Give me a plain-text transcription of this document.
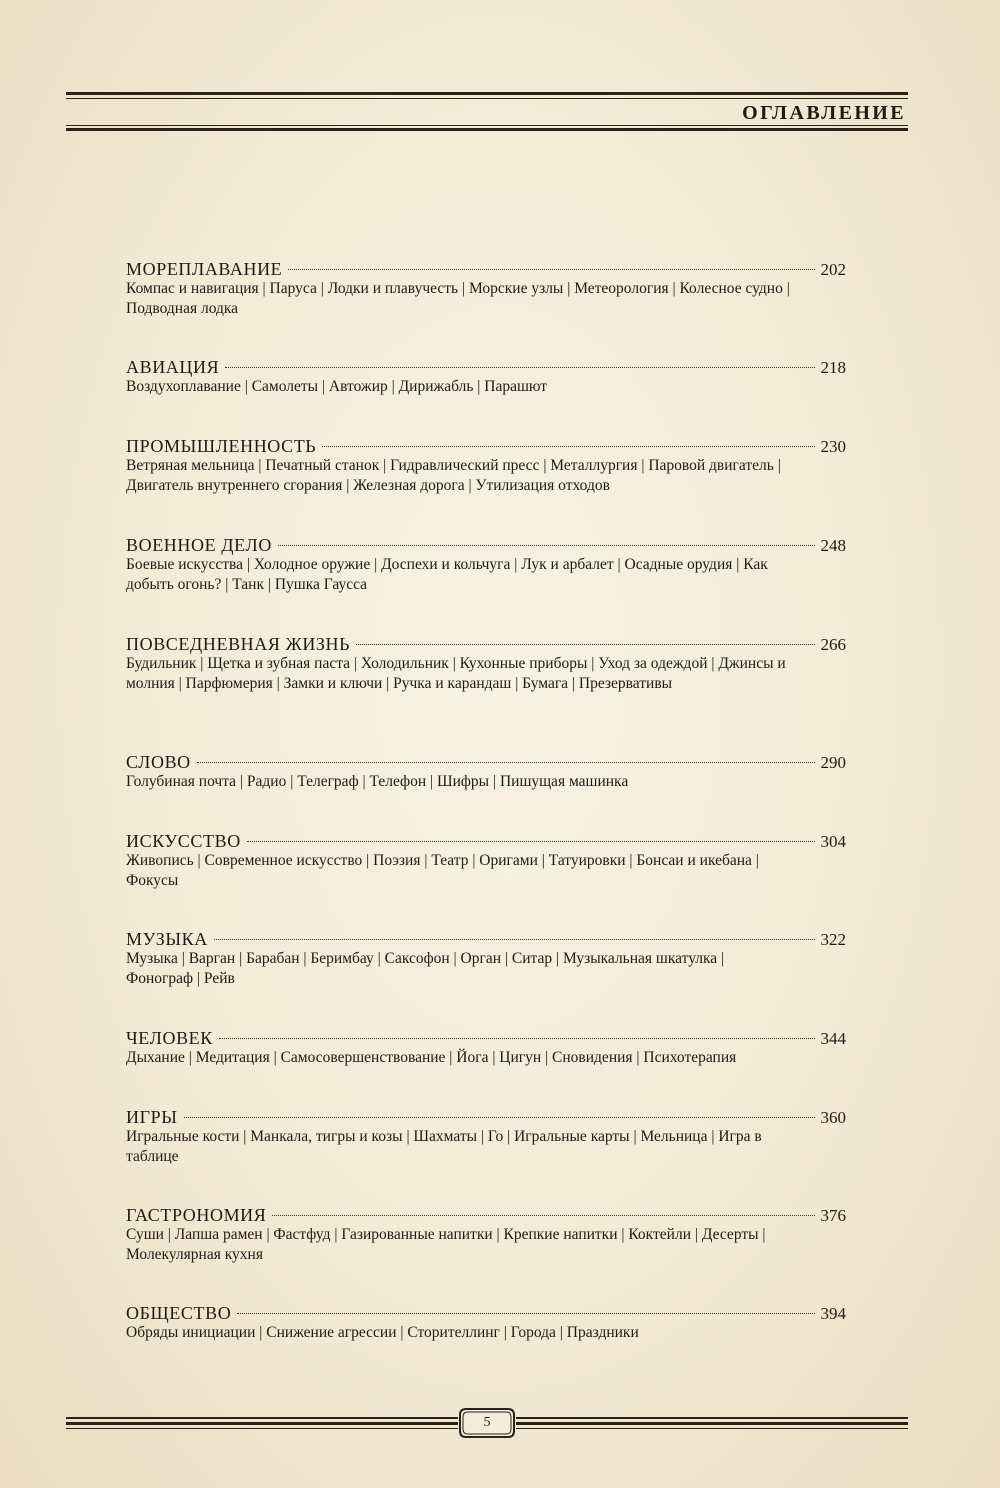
ОГЛАВЛЕНИЕ
МОРЕПЛАВАНИЕ	202
Компас и навигация | Паруса | Лодки и плавучесть | Морские узлы | Метеорология | Колесное судно | Подводная лодка
АВИАЦИЯ	218
Воздухоплавание | Самолеты | Автожир | Дирижабль | Парашют
ПРОМЫШЛЕННОСТЬ	230
Ветряная мельница | Печатный станок | Гидравлический пресс | Металлургия | Паровой двигатель | Двигатель внутреннего сгорания | Железная дорога | Утилизация отходов
ВОЕННОЕ ДЕЛО	248
Боевые искусства | Холодное оружие | Доспехи и кольчуга | Лук и арбалет | Осадные орудия | Как добыть огонь? | Танк | Пушка Гаусса
ПОВСЕДНЕВНАЯ ЖИЗНЬ	266
Будильник | Щетка и зубная паста | Холодильник | Кухонные приборы | Уход за одеждой | Джинсы и молния | Парфюмерия | Замки и ключи | Ручка и карандаш | Бумага | Презервативы
СЛОВО	290
Голубиная почта | Радио | Телеграф | Телефон | Шифры | Пишущая машинка
ИСКУССТВО	304
Живопись | Современное искусство | Поэзия | Театр | Оригами | Татуировки | Бонсаи и икебана | Фокусы
МУЗЫКА	322
Музыка | Варган | Барабан | Беримбау | Саксофон | Орган | Ситар | Музыкальная шкатулка | Фонограф | Рейв
ЧЕЛОВЕК	344
Дыхание | Медитация | Самосовершенствование | Йога | Цигун | Сновидения | Психотерапия
ИГРЫ	360
Игральные кости | Манкала, тигры и козы | Шахматы | Го | Игральные карты | Мельница | Игра в таблице
ГАСТРОНОМИЯ	376
Суши | Лапша рамен | Фастфуд | Газированные напитки | Крепкие напитки | Коктейли | Десерты | Молекулярная кухня
ОБЩЕСТВО	394
Обряды инициации | Снижение агрессии | Сторителлинг | Города | Праздники
5
